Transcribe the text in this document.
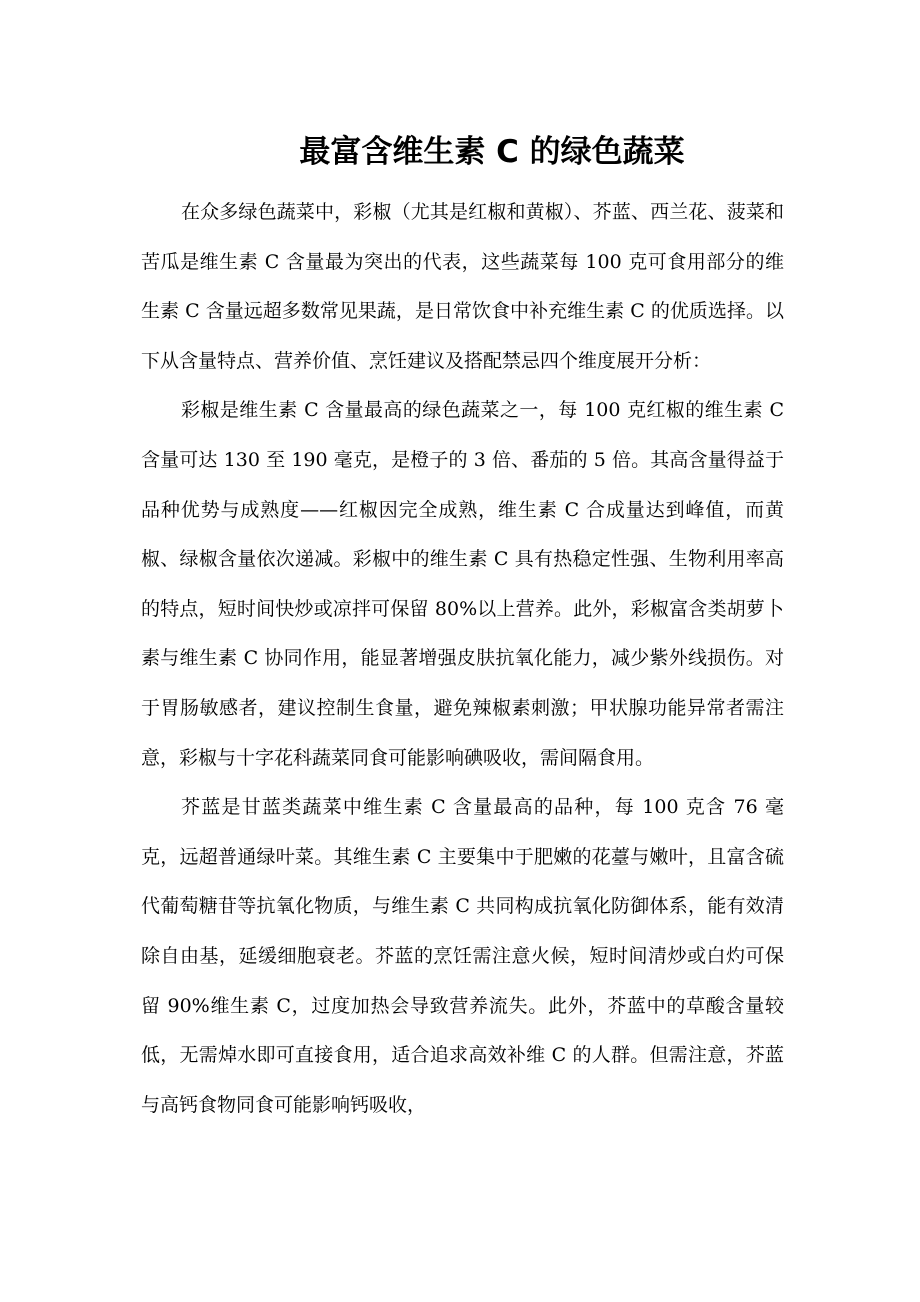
最富含维生素 C 的绿色蔬菜

在众多绿色蔬菜中，彩椒（尤其是红椒和黄椒）、芥蓝、西兰花、菠菜和苦瓜是维生素 C 含量最为突出的代表，这些蔬菜每 100 克可食用部分的维生素 C 含量远超多数常见果蔬，是日常饮食中补充维生素 C 的优质选择。以下从含量特点、营养价值、烹饪建议及搭配禁忌四个维度展开分析：

彩椒是维生素 C 含量最高的绿色蔬菜之一，每 100 克红椒的维生素 C 含量可达 130 至 190 毫克，是橙子的 3 倍、番茄的 5 倍。其高含量得益于品种优势与成熟度——红椒因完全成熟，维生素 C 合成量达到峰值，而黄椒、绿椒含量依次递减。彩椒中的维生素 C 具有热稳定性强、生物利用率高的特点，短时间快炒或凉拌可保留 80%以上营养。此外，彩椒富含类胡萝卜素与维生素 C 协同作用，能显著增强皮肤抗氧化能力，减少紫外线损伤。对于胃肠敏感者，建议控制生食量，避免辣椒素刺激；甲状腺功能异常者需注意，彩椒与十字花科蔬菜同食可能影响碘吸收，需间隔食用。

芥蓝是甘蓝类蔬菜中维生素 C 含量最高的品种，每 100 克含 76 毫克，远超普通绿叶菜。其维生素 C 主要集中于肥嫩的花薹与嫩叶，且富含硫代葡萄糖苷等抗氧化物质，与维生素 C 共同构成抗氧化防御体系，能有效清除自由基，延缓细胞衰老。芥蓝的烹饪需注意火候，短时间清炒或白灼可保留 90%维生素 C，过度加热会导致营养流失。此外，芥蓝中的草酸含量较低，无需焯水即可直接食用，适合追求高效补维 C 的人群。但需注意，芥蓝与高钙食物同食可能影响钙吸收，
